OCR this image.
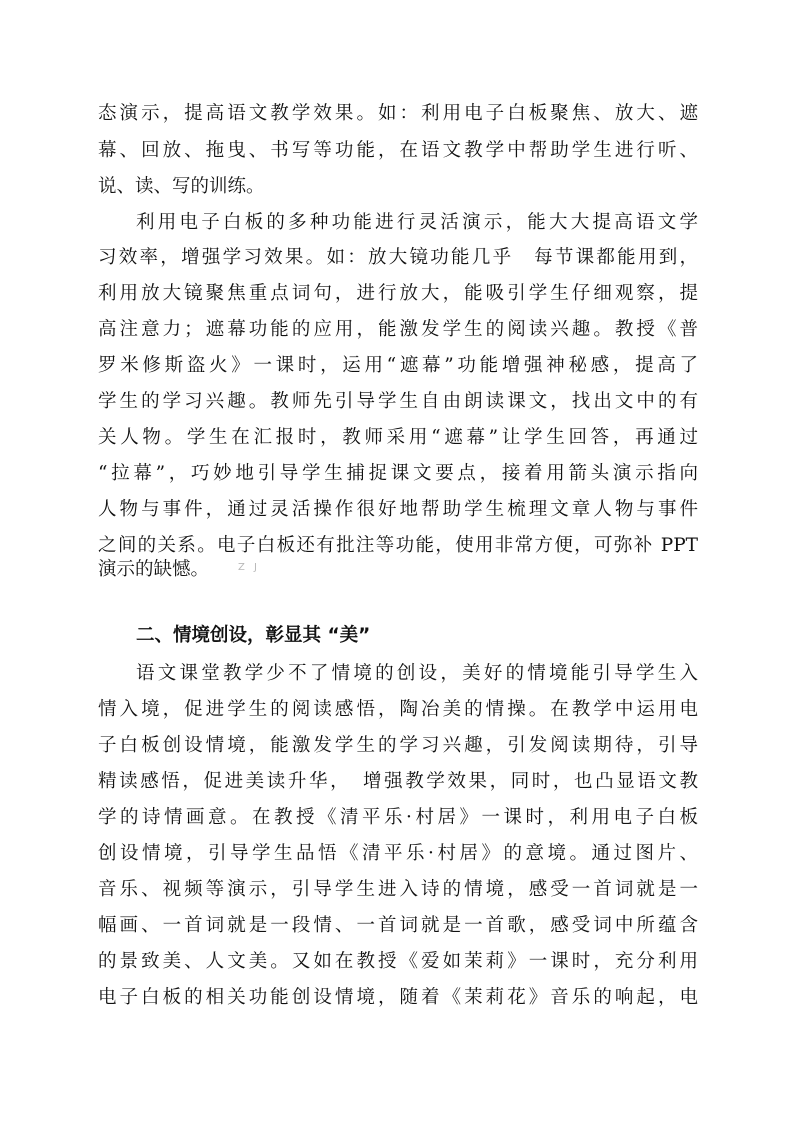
态演示，提高语文教学效果。如：利用电子白板聚焦、放大、遮
幕、回放、拖曳、书写等功能，在语文教学中帮助学生进行听、
说、读、写的训练。
利用电子白板的多种功能进行灵活演示，能大大提高语文学
习效率，增强学习效果。如：放大镜功能几乎　每节课都能用到，
利用放大镜聚焦重点词句，进行放大，能吸引学生仔细观察，提
高注意力；遮幕功能的应用，能激发学生的阅读兴趣。教授《普
罗米修斯盗火》一课时，运用“遮幕”功能增强神秘感，提高了
学生的学习兴趣。教师先引导学生自由朗读课文，找出文中的有
关人物。学生在汇报时，教师采用“遮幕”让学生回答，再通过
“拉幕”，巧妙地引导学生捕捉课文要点，接着用箭头演示指向
人物与事件，通过灵活操作很好地帮助学生梳理文章人物与事件
之间的关系。电子白板还有批注等功能，使用非常方便，可弥补 PPT
演示的缺憾。	Z J
二、情境创设，彰显其 “美”
语文课堂教学少不了情境的创设，美好的情境能引导学生入
情入境，促进学生的阅读感悟，陶冶美的情操。在教学中运用电
子白板创设情境，能激发学生的学习兴趣，引发阅读期待，引导
精读感悟，促进美读升华，　增强教学效果，同时，也凸显语文教
学的诗情画意。在教授《清平乐·村居》一课时，利用电子白板
创设情境，引导学生品悟《清平乐·村居》的意境。通过图片、
音乐、视频等演示，引导学生进入诗的情境，感受一首词就是一
幅画、一首词就是一段情、一首词就是一首歌，感受词中所蕴含
的景致美、人文美。又如在教授《爱如茉莉》一课时，充分利用
电子白板的相关功能创设情境，随着《茉莉花》音乐的响起，电
